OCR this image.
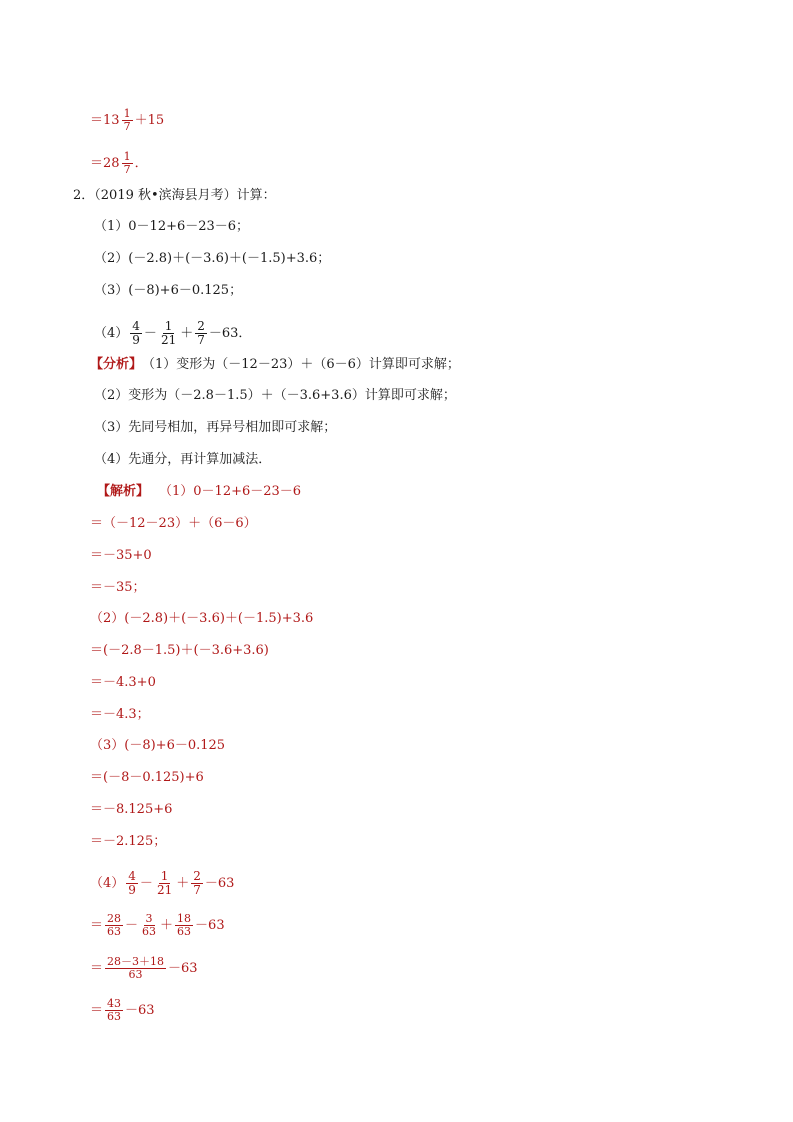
＝ $13 \frac{1}{7} +15$
＝ $28 \frac{1}{7}$ ．
2．（2019 秋•滨海县月考）计算：
（1）0－12+6－23－6；
（2）(－2.8)＋(－3.6)＋(－1.5)+3.6；
（3）(－8)+6－0.125；
$(4) \frac{4}{9} - \frac{1}{21} + \frac{2}{7} -63$．
【分析】 （1）变形为（－12－23）＋（6－6）计算即可求解；
（2）变形为（－2.8－1.5）＋（－3.6+3.6）计算即可求解；
（3）先同号相加，再异号相加即可求解；
（4）先通分，再计算加减法．
【解析】 （1）0－12+6－23－6
＝（－12－23）＋（6－6）
＝－35+0
＝－35；
（2）(－2.8)＋(－3.6)＋(－1.5)+3.6
＝(－2.8－1.5)＋(－3.6+3.6)
＝－4.3+0
＝－4.3；
（3）(－8)+6－0.125
＝(－8－0.125)+6
＝－8.125+6
＝－2.125；
$(4) \frac{4}{9} - \frac{1}{21} + \frac{2}{7} -63$
＝ $\frac{28}{63} - \frac{3}{63} + \frac{18}{63} -63$
＝ $\frac{28-3+18}{63} -63$
＝ $\frac{43}{63} -63$
